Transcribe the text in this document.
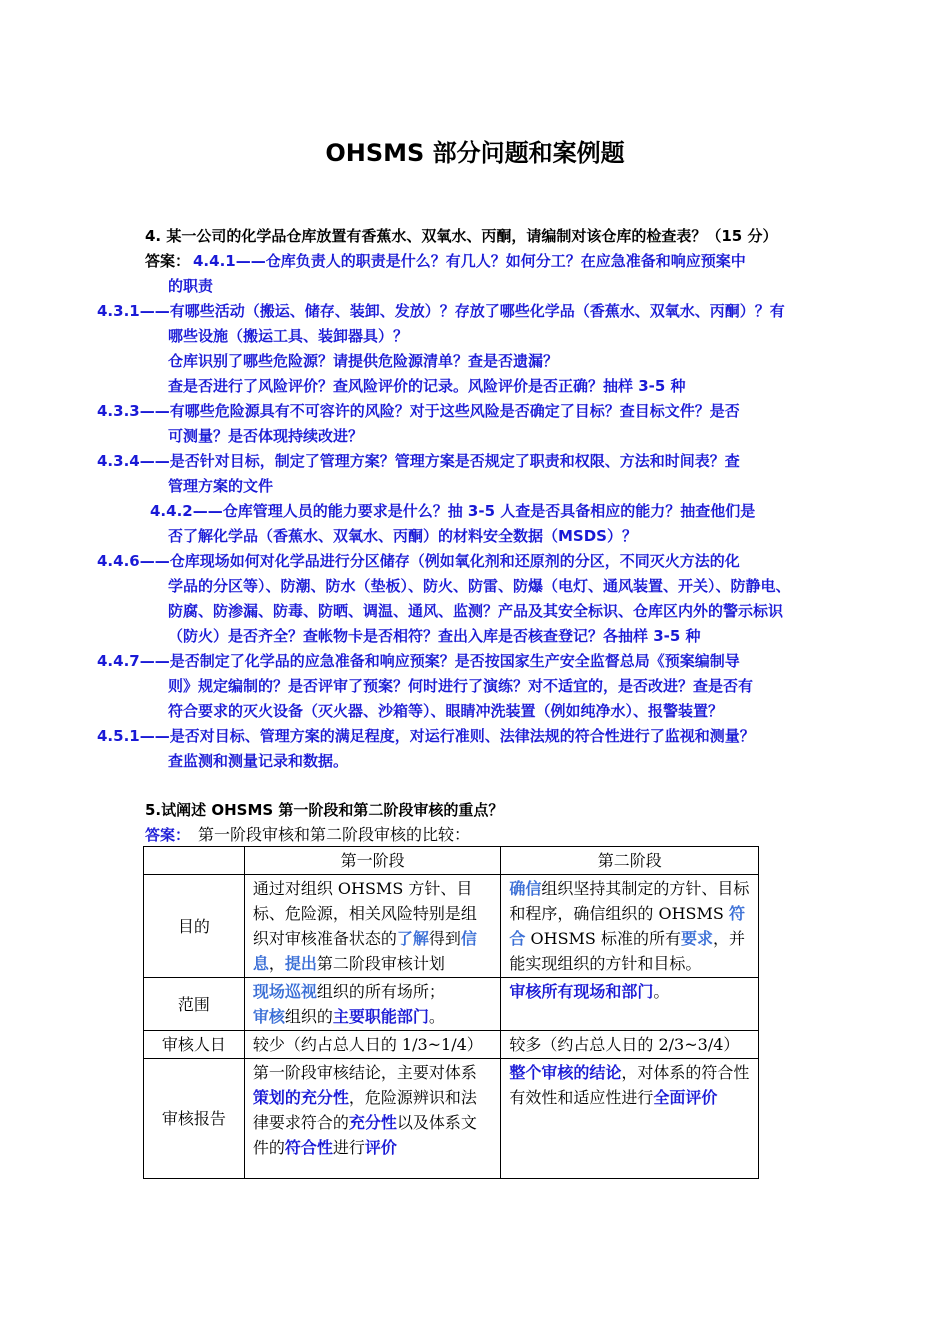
OHSMS 部分问题和案例题
4. 某一公司的化学品仓库放置有香蕉水、双氧水、丙酮，请编制对该仓库的检查表？（15 分）
答案： 4.4.1——仓库负责人的职责是什么？有几人？如何分工？在应急准备和响应预案中
的职责
4.3.1——有哪些活动（搬运、储存、装卸、发放）？存放了哪些化学品（香蕉水、双氧水、丙酮）？有
哪些设施（搬运工具、装卸器具）？
仓库识别了哪些危险源？请提供危险源清单？查是否遗漏？
查是否进行了风险评价？查风险评价的记录。风险评价是否正确？抽样 3-5 种
4.3.3——有哪些危险源具有不可容许的风险？对于这些风险是否确定了目标？查目标文件？是否
可测量？是否体现持续改进？
4.3.4——是否针对目标，制定了管理方案？管理方案是否规定了职责和权限、方法和时间表？查
管理方案的文件
4.4.2——仓库管理人员的能力要求是什么？抽 3-5 人查是否具备相应的能力？抽查他们是
否了解化学品（香蕉水、双氧水、丙酮）的材料安全数据（MSDS）？
4.4.6——仓库现场如何对化学品进行分区储存（例如氧化剂和还原剂的分区，不同灭火方法的化
学品的分区等）、防潮、防水（垫板）、防火、防雷、防爆（电灯、通风装置、开关）、防静电、
防腐、防渗漏、防毒、防晒、调温、通风、监测？产品及其安全标识、仓库区内外的警示标识
（防火）是否齐全？查帐物卡是否相符？查出入库是否核查登记？各抽样 3-5 种
4.4.7——是否制定了化学品的应急准备和响应预案？是否按国家生产安全监督总局《预案编制导
则》规定编制的？是否评审了预案？何时进行了演练？对不适宜的，是否改进？查是否有
符合要求的灭火设备（灭火器、沙箱等）、眼睛冲洗装置（例如纯净水）、报警装置？
4.5.1——是否对目标、管理方案的满足程度，对运行准则、法律法规的符合性进行了监视和测量？
查监测和测量记录和数据。
5.试阐述 OHSMS 第一阶段和第二阶段审核的重点？
答案： 第一阶段审核和第二阶段审核的比较：
	第一阶段	第二阶段
目的	通过对组织 OHSMS 方针、目标、危险源，相关风险特别是组织对审核准备状态的了解得到信息，提出第二阶段审核计划	确信组织坚持其制定的方针、目标和程序，确信组织的 OHSMS 符合 OHSMS 标准的所有要求，并能实现组织的方针和目标。
范围	现场巡视组织的所有场所；
审核组织的主要职能部门。	审核所有现场和部门。
审核人日	较少（约占总人日的 1/3~1/4）	较多（约占总人日的 2/3~3/4）
审核报告	第一阶段审核结论，主要对体系策划的充分性，危险源辨识和法律要求符合的充分性以及体系文件的符合性进行评价	整个审核的结论，对体系的符合性有效性和适应性进行全面评价
